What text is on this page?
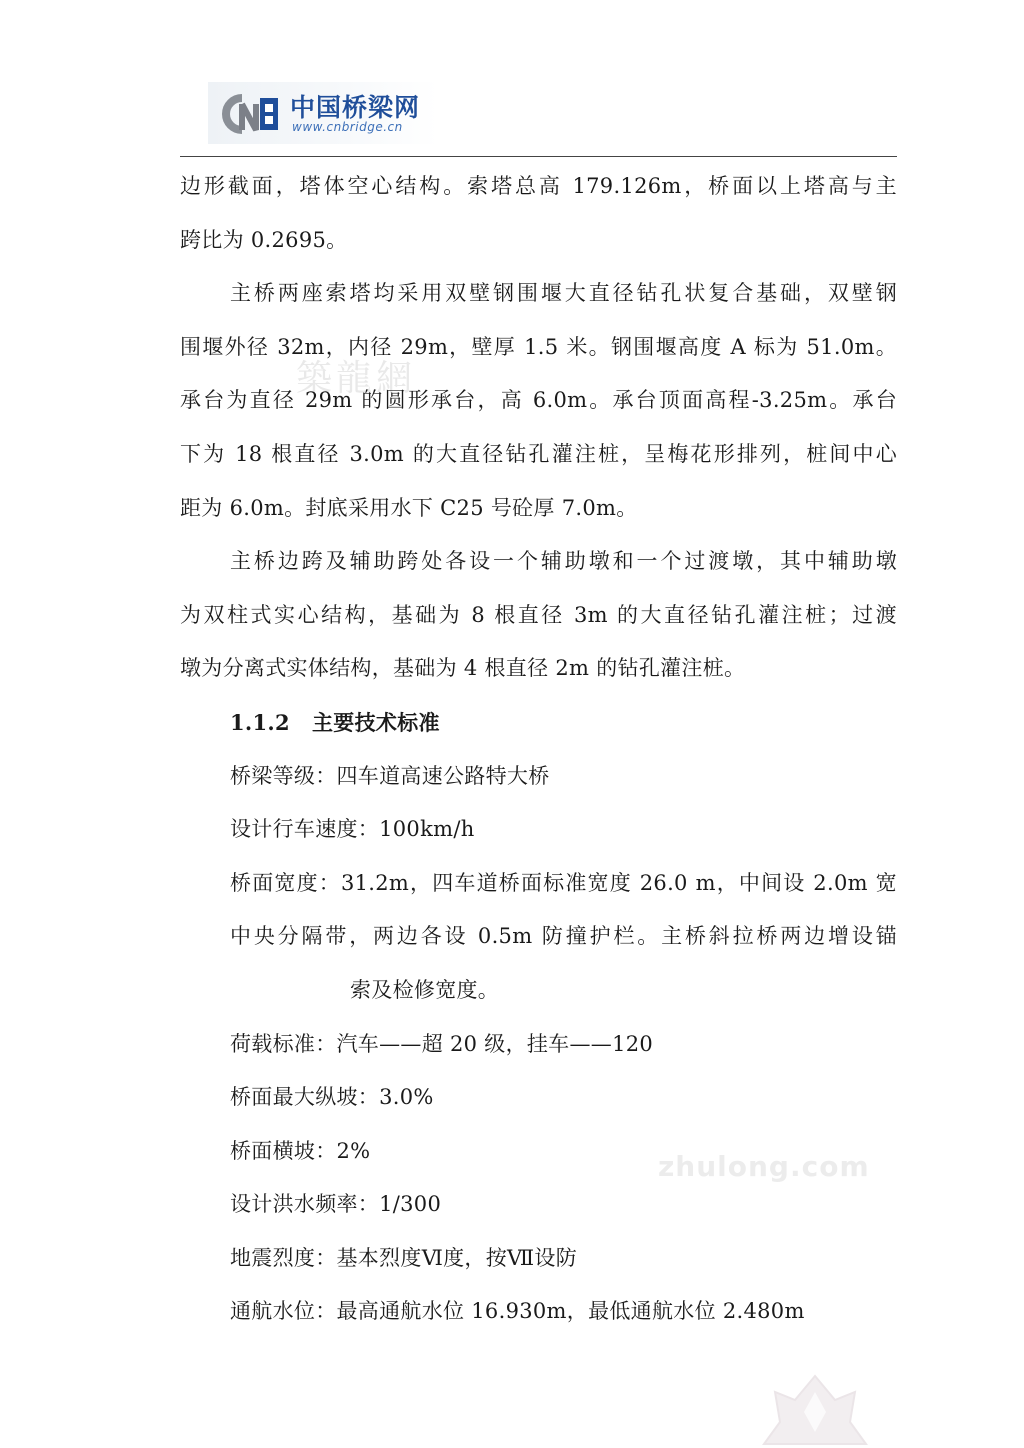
中国桥梁网
www.cnbridge.cn
築龍網
边形截面，塔体空心结构。索塔总高 179.126m，桥面以上塔高与主
跨比为 0.2695。
主桥两座索塔均采用双壁钢围堰大直径钻孔状复合基础，双壁钢
围堰外径 32m，内径 29m，壁厚 1.5 米。钢围堰高度 A 标为 51.0m。
承台为直径 29m 的圆形承台，高 6.0m。承台顶面高程-3.25m。承台
下为 18 根直径 3.0m 的大直径钻孔灌注桩，呈梅花形排列，桩间中心
距为 6.0m。封底采用水下 C25 号砼厚 7.0m。
主桥边跨及辅助跨处各设一个辅助墩和一个过渡墩，其中辅助墩
为双柱式实心结构，基础为 8 根直径 3m 的大直径钻孔灌注桩；过渡
墩为分离式实体结构，基础为 4 根直径 2m 的钻孔灌注桩。
1.1.2 主要技术标准
桥梁等级：四车道高速公路特大桥
设计行车速度：100km/h
桥面宽度：31.2m，四车道桥面标准宽度 26.0 m，中间设 2.0m 宽
中央分隔带，两边各设 0.5m 防撞护栏。主桥斜拉桥两边增设锚
索及检修宽度。
荷载标准：汽车——超 20 级，挂车——120
桥面最大纵坡：3.0%
桥面横坡：2%
设计洪水频率：1/300
地震烈度：基本烈度Ⅵ度，按Ⅶ设防
通航水位：最高通航水位 16.930m，最低通航水位 2.480m
zhulong.com
